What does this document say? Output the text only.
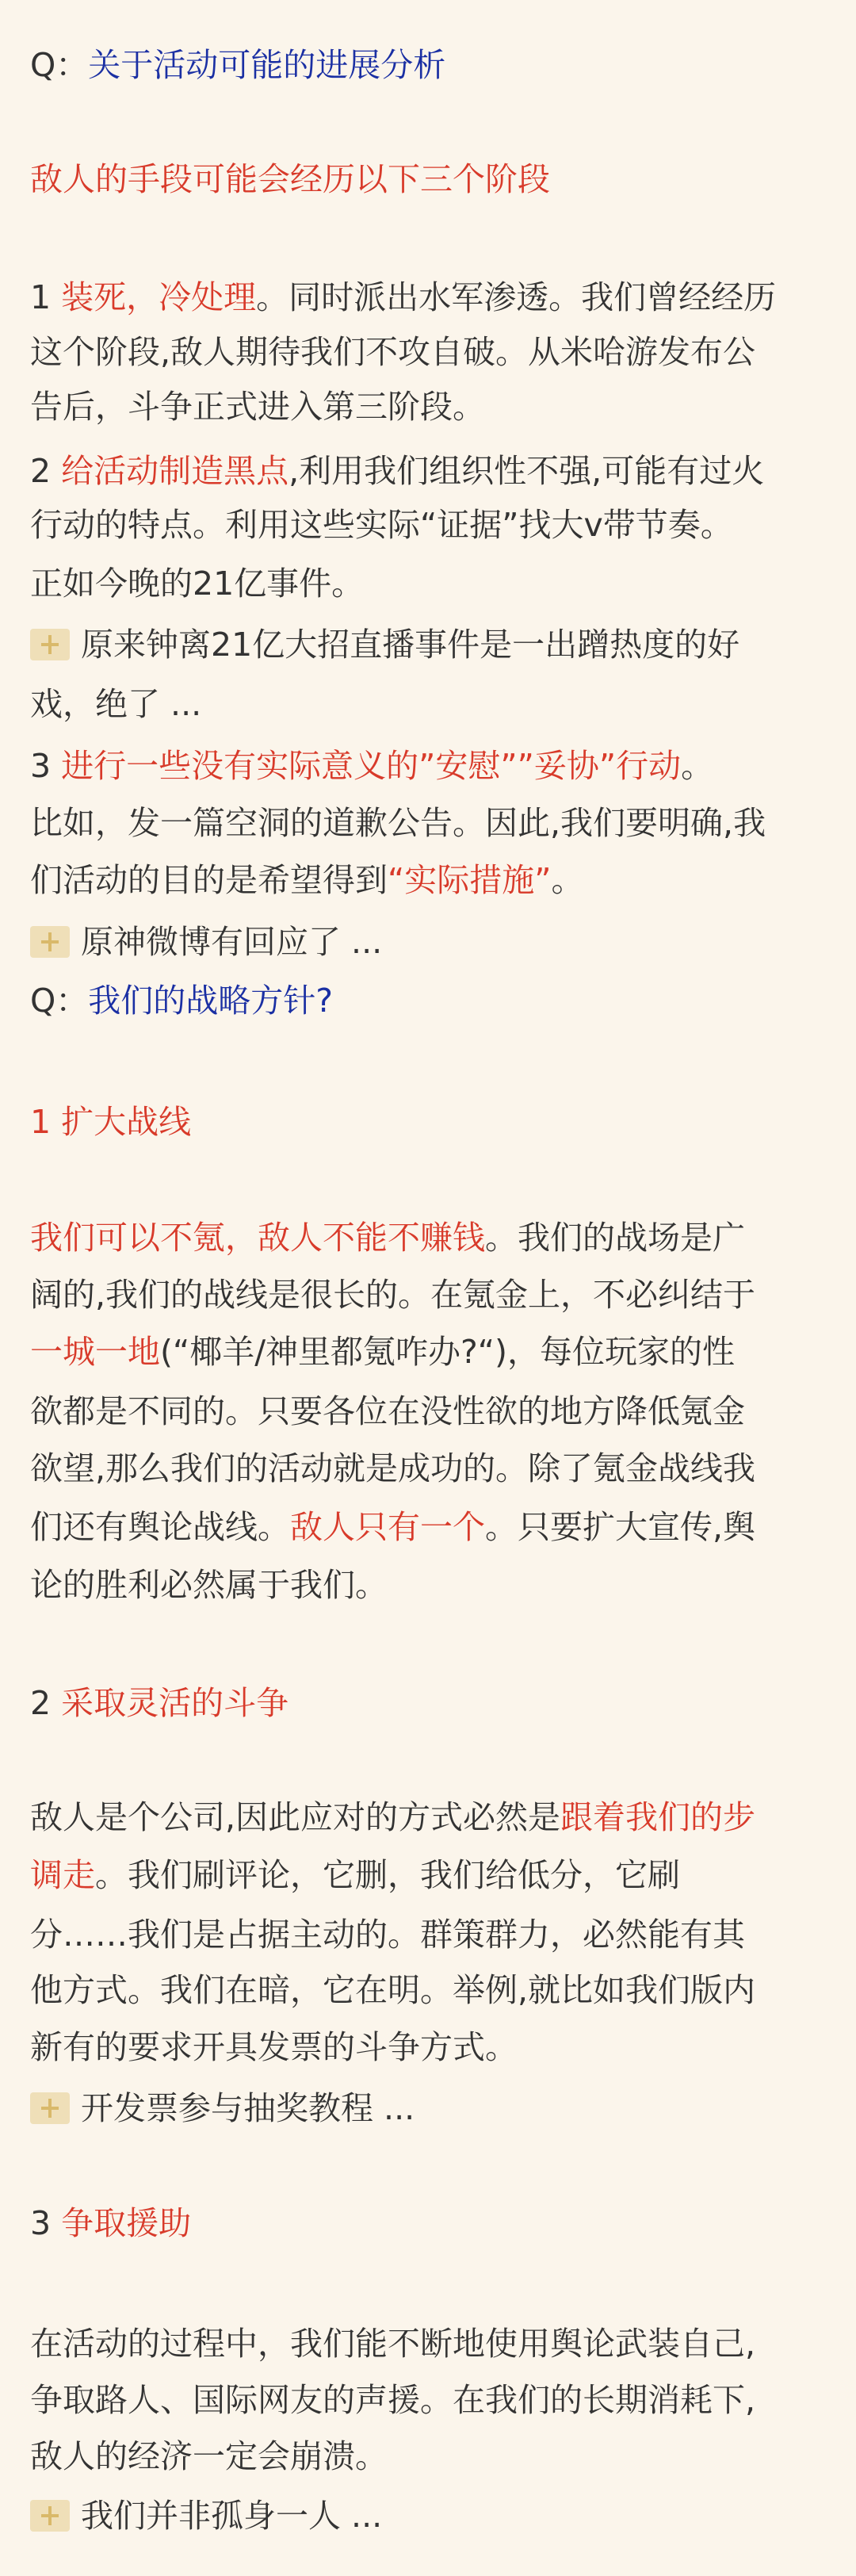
Q：关于活动可能的进展分析
敌人的手段可能会经历以下三个阶段
1 装死，冷处理。同时派出水军渗透。我们曾经经历
这个阶段,敌人期待我们不攻自破。从米哈游发布公
告后，斗争正式进入第三阶段。
2 给活动制造黑点,利用我们组织性不强,可能有过火
行动的特点。利用这些实际“证据”找大v带节奏。
正如今晚的21亿事件。
原来钟离21亿大招直播事件是一出蹭热度的好
戏，绝了 ...
3 进行一些没有实际意义的”安慰””妥协”行动。
比如，发一篇空洞的道歉公告。因此,我们要明确,我
们活动的目的是希望得到“实际措施”。
原神微博有回应了 ...
Q：我们的战略方针?
1 扩大战线
我们可以不氪，敌人不能不赚钱。我们的战场是广
阔的,我们的战线是很长的。在氪金上，不必纠结于
一城一地(“椰羊/神里都氪咋办?“)，每位玩家的性
欲都是不同的。只要各位在没性欲的地方降低氪金
欲望,那么我们的活动就是成功的。除了氪金战线我
们还有舆论战线。敌人只有一个。只要扩大宣传,舆
论的胜利必然属于我们。
2 采取灵活的斗争
敌人是个公司,因此应对的方式必然是跟着我们的步
调走。我们刷评论，它删，我们给低分，它刷
分……我们是占据主动的。群策群力，必然能有其
他方式。我们在暗，它在明。举例,就比如我们版内
新有的要求开具发票的斗争方式。
开发票参与抽奖教程 ...
3 争取援助
在活动的过程中，我们能不断地使用舆论武装自己,
争取路人、国际网友的声援。在我们的长期消耗下,
敌人的经济一定会崩溃。
我们并非孤身一人 ...
